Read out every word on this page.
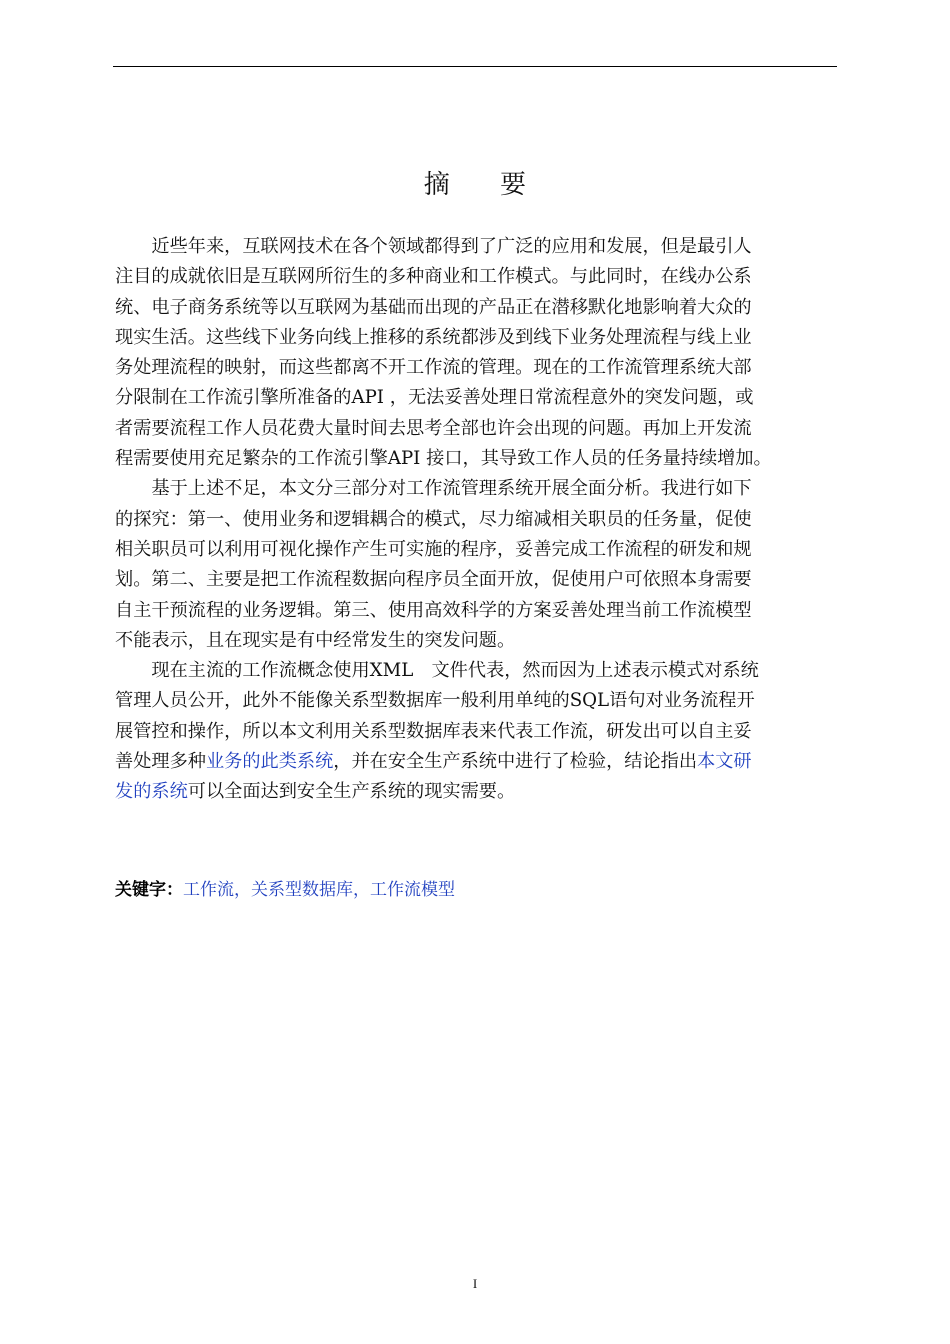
摘 要
近些年来，互联网技术在各个领域都得到了广泛的应用和发展，但是最引人
注目的成就依旧是互联网所衍生的多种商业和工作模式。与此同时，在线办公系
统、电子商务系统等以互联网为基础而出现的产品正在潜移默化地影响着大众的
现实生活。这些线下业务向线上推移的系统都涉及到线下业务处理流程与线上业
务处理流程的映射，而这些都离不开工作流的管理。现在的工作流管理系统大部
分限制在工作流引擎所准备的API ，无法妥善处理日常流程意外的突发问题，或
者需要流程工作人员花费大量时间去思考全部也许会出现的问题。再加上开发流
程需要使用充足繁杂的工作流引擎API 接口，其导致工作人员的任务量持续增加。
基于上述不足，本文分三部分对工作流管理系统开展全面分析。我进行如下
的探究：第一、使用业务和逻辑耦合的模式，尽力缩减相关职员的任务量，促使
相关职员可以利用可视化操作产生可实施的程序，妥善完成工作流程的研发和规
划。第二、主要是把工作流程数据向程序员全面开放，促使用户可依照本身需要
自主干预流程的业务逻辑。第三、使用高效科学的方案妥善处理当前工作流模型
不能表示，且在现实是有中经常发生的突发问题。
现在主流的工作流概念使用XML　文件代表，然而因为上述表示模式对系统
管理人员公开，此外不能像关系型数据库一般利用单纯的SQL语句对业务流程开
展管控和操作，所以本文利用关系型数据库表来代表工作流，研发出可以自主妥
善处理多种业务的此类系统，并在安全生产系统中进行了检验，结论指出本文研
发的系统可以全面达到安全生产系统的现实需要。
关键字：工作流，关系型数据库，工作流模型
I
